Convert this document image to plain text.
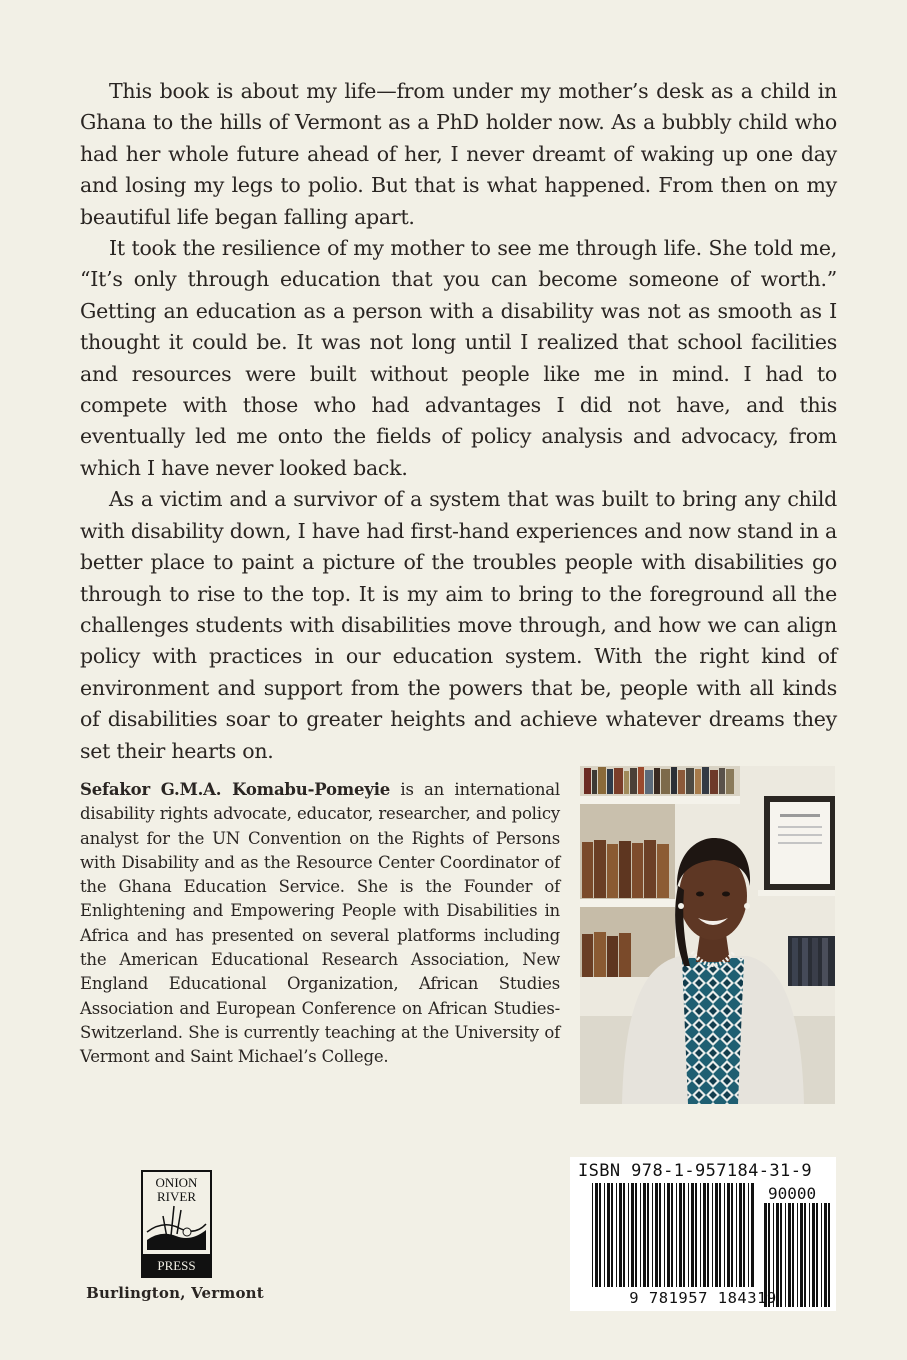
This book is about my life—from under my mother’s desk as a child in Ghana to the hills of Vermont as a PhD holder now. As a bubbly child who had her whole future ahead of her, I never dreamt of waking up one day and losing my legs to polio. But that is what happened. From then on my beautiful life began falling apart.

It took the resilience of my mother to see me through life. She told me, “It’s only through education that you can become someone of worth.” Getting an education as a person with a disability was not as smooth as I thought it could be. It was not long until I realized that school facilities and resources were built without people like me in mind. I had to compete with those who had advantages I did not have, and this eventually led me onto the fields of policy analysis and advocacy, from which I have never looked back.

As a victim and a survivor of a system that was built to bring any child with disability down, I have had first-hand experiences and now stand in a better place to paint a picture of the troubles people with disabilities go through to rise to the top. It is my aim to bring to the foreground all the challenges students with disabilities move through, and how we can align policy with practices in our education system. With the right kind of environment and support from the powers that be, people with all kinds of disabilities soar to greater heights and achieve whatever dreams they set their hearts on.

Sefakor G.M.A. Komabu-Pomeyie is an international disability rights advocate, educator, researcher, and policy analyst for the UN Convention on the Rights of Persons with Disability and as the Resource Center Coordinator of the Ghana Education Service. She is the Founder of Enlightening and Empowering People with Disabilities in Africa and has presented on several platforms including the American Educational Research Association, New England Educational Organization, African Studies Association and European Conference on African Studies-Switzerland. She is currently teaching at the University of Vermont and Saint Michael’s College.

ONION
RIVER
PRESS
Burlington, Vermont
ISBN 978-1-957184-31-9
90000
9 781957 184319
